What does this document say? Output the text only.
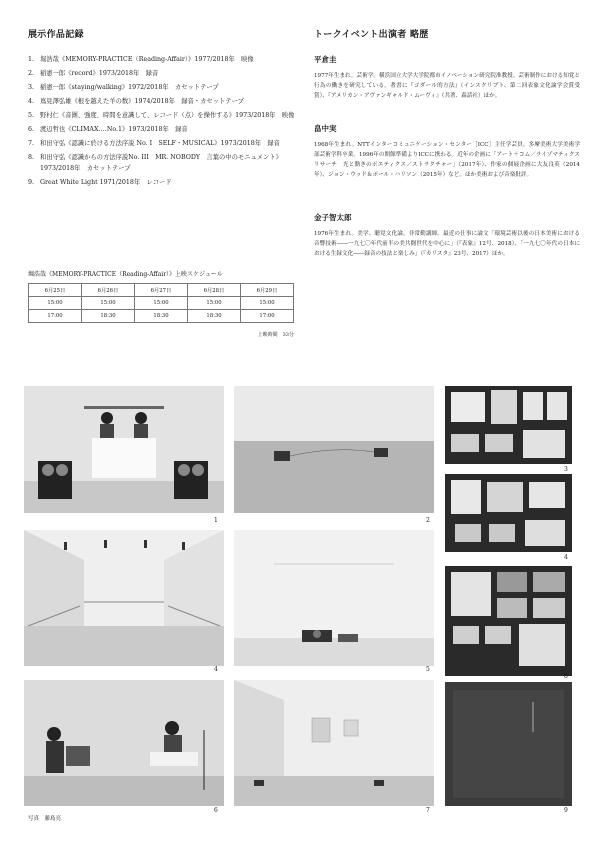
展示作品記録
1. 堀浩哉《MEMORY-PRACTICE（Reading-Affair）》1977/2018年　映像
2. 稲憲一郎《record》1973/2018年　録音
3. 稲憲一郎《staying/walking》1972/2018年　カセットテープ
4. 嶌見澤弘雄《根を越えた羊の数》1974/2018年　録音・カセットテープ
5. 野村仁《音圏、強度、時間を意識して、レコード（点）を操作する》1973/2018年　映像
6. 渡辺哲也《CLIMAX‥‥No.1》1973/2018年　録音
7. 和田守弘《認識に於ける方法序説 No. I　SELF・MUSICAL》1973/2018年　録音
8. 和田守弘《認識からの方法序説No. III　MR. NOBODY　言葉の中のモニュメント》1973/2018年　カセットテープ
9. Great White Light 1971/2018年　レコード
堀浩哉《MEMORY-PRACTICE（Reading-Affair）》上映スケジュール
6月25日	6月26日	6月27日	6月28日	6月29日
15:00	15:00	15:00	15:00	15:00
17:00	18:30	18:30	18:30	17:00
上映時間　33分
トークイベント出演者 略歴
平倉圭
1977年生まれ。芸術学。横浜国立大学大学院都市イノベーション研究院准教授。芸術制作における知覚と行為の働きを研究している。著書に『ゴダール的方法』（インスクリプト、第二回表象文化論学会賞受賞）、『アメリカン・アヴァンギャルド・ムーヴィ』（共著、森話社）ほか。
畠中実
1968年生まれ。NTTインターコミュニケーション・センター［ICC］主任学芸員。多摩美術大学美術学部芸術学科卒業。1996年の開館準備よりICCに携わる。近年の企画に「アート＋コム／ライゾマティクスリサーチ　光と動きのポエティクス／ストラクチャー」（2017年）、作家の個展企画に大友良英（2014年）、ジョン・ウッド＆ポール・ハリソン（2015年）など。ほか美術および音楽批評。
金子智太郎
1976年生まれ。美学、聴覚文化論。非常勤講師。最近の仕事に論文「環境芸術以後の日本美術における音響技術――一九七〇年代前半の美共闘世代を中心に」（『表象』12号、2018）、「一九七〇年代の日本における生録文化――録音の技法と楽しみ」（『カリスタ』23号、2017）ほか。
1	2
3
4	5
4
8
6	7	9
写真　藤島亮
